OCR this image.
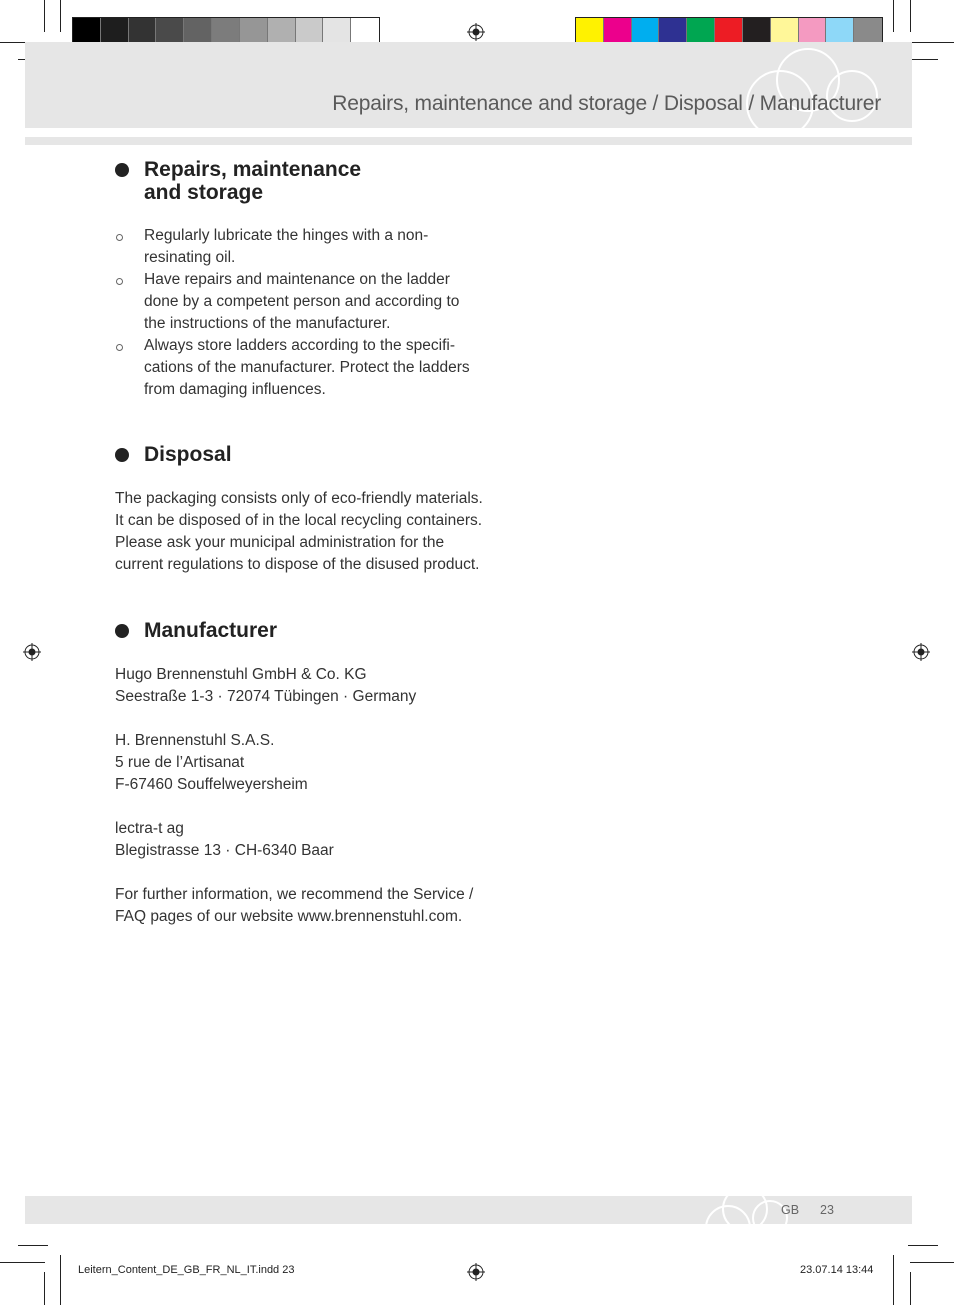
Repairs, maintenance and storage / Disposal / Manufacturer
Repairs, maintenance
and storage
Regularly lubricate the hinges with a non-
resinating oil.
Have repairs and maintenance on the ladder
done by a competent person and according to
the instructions of the manufacturer.
Always store ladders according to the specifi-
cations of the manufacturer. Protect the ladders
from damaging influences.
Disposal
The packaging consists only of eco-friendly materials.
It can be disposed of in the local recycling containers.
Please ask your municipal administration for the
current regulations to dispose of the disused product.
Manufacturer
Hugo Brennenstuhl GmbH & Co. KG
Seestraße 1-3 · 72074 Tübingen · Germany

H. Brennenstuhl S.A.S.
5 rue de l’Artisanat
F-67460 Souffelweyersheim

lectra-t ag
Blegistrasse 13 · CH-6340 Baar

For further information, we recommend the Service /
FAQ pages of our website www.brennenstuhl.com.
GB 23
Leitern_Content_DE_GB_FR_NL_IT.indd 23	23.07.14 13:44
